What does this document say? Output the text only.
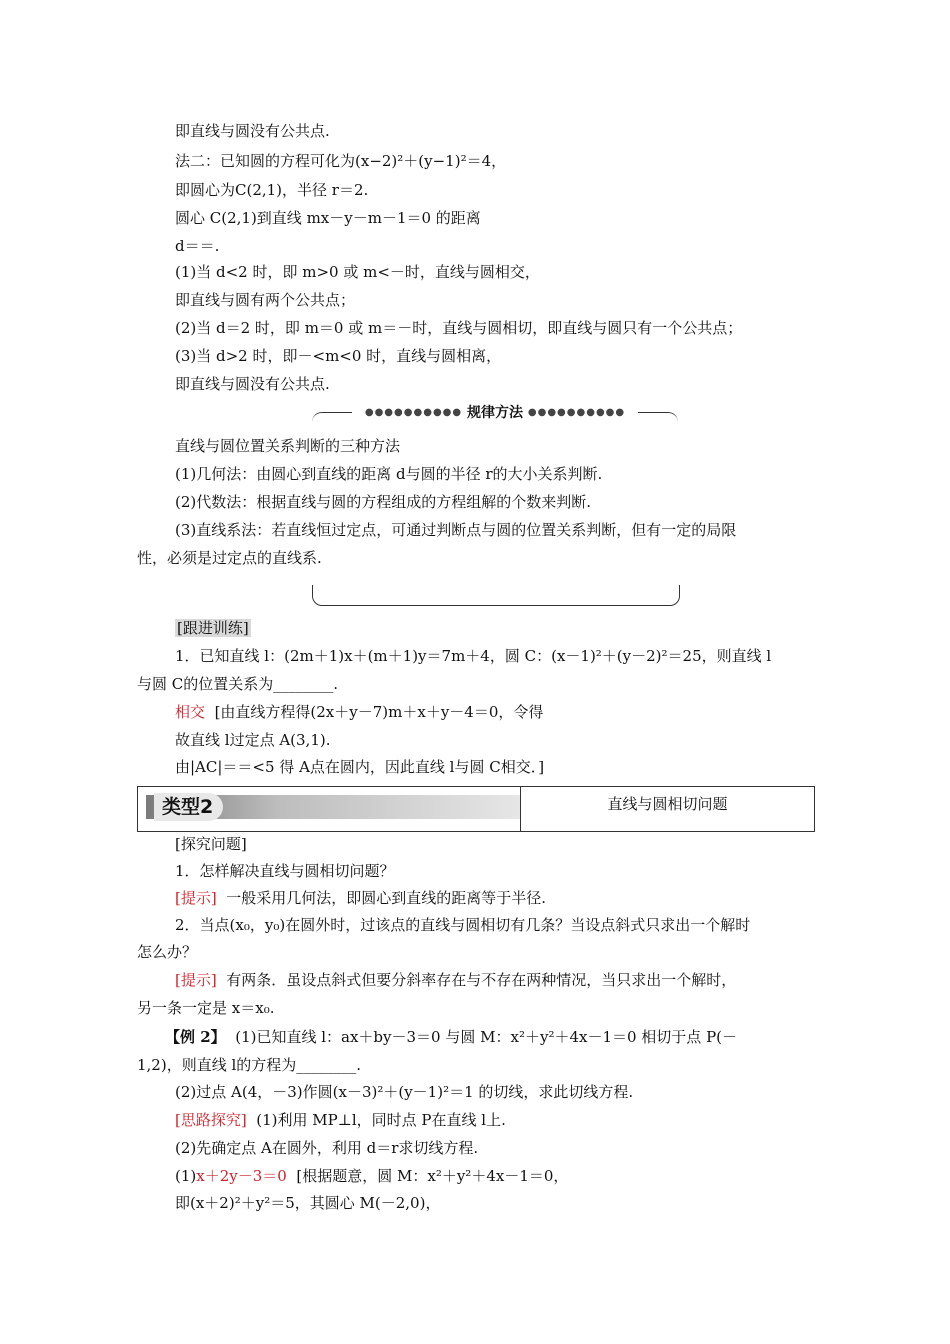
即直线与圆没有公共点.
法二：已知圆的方程可化为(x−2)²＋(y−1)²＝4，
即圆心为C(2,1)，半径 r＝2.
圆心 C(2,1)到直线 mx－y－m－1＝0 的距离
d＝＝.
(1)当 d<2 时，即 m>0 或 m<－时，直线与圆相交，
即直线与圆有两个公共点；
(2)当 d＝2 时，即 m＝0 或 m＝－时，直线与圆相切，即直线与圆只有一个公共点；
(3)当 d>2 时，即－<m<0 时，直线与圆相离，
即直线与圆没有公共点.
●●●●●●●●●● 规律方法 ●●●●●●●●●●
直线与圆位置关系判断的三种方法
(1)几何法：由圆心到直线的距离 d与圆的半径 r的大小关系判断.
(2)代数法：根据直线与圆的方程组成的方程组解的个数来判断.
(3)直线系法：若直线恒过定点，可通过判断点与圆的位置关系判断，但有一定的局限
性，必须是过定点的直线系.
[跟进训练]
1．已知直线 l：(2m＋1)x＋(m＋1)y＝7m＋4，圆 C：(x－1)²＋(y－2)²＝25，则直线 l
与圆 C的位置关系为________.
相交 [由直线方程得(2x＋y－7)m＋x＋y－4＝0，令得
故直线 l过定点 A(3,1).
由|AC|＝＝<5 得 A点在圆内，因此直线 l与圆 C相交．]
类型2	直线与圆相切问题
[探究问题]
1．怎样解决直线与圆相切问题？
[提示] 一般采用几何法，即圆心到直线的距离等于半径.
2．当点(x₀，y₀)在圆外时，过该点的直线与圆相切有几条？当设点斜式只求出一个解时
怎么办？
[提示] 有两条．虽设点斜式但要分斜率存在与不存在两种情况，当只求出一个解时，
另一条一定是 x＝x₀.
【例 2】 (1)已知直线 l：ax＋by－3＝0 与圆 M：x²＋y²＋4x－1＝0 相切于点 P(－
1,2)，则直线 l的方程为________.
(2)过点 A(4，－3)作圆(x－3)²＋(y－1)²＝1 的切线，求此切线方程.
[思路探究] (1)利用 MP⊥l，同时点 P在直线 l上.
(2)先确定点 A在圆外，利用 d＝r求切线方程.
(1)x＋2y－3＝0 [根据题意，圆 M：x²＋y²＋4x－1＝0，
即(x＋2)²＋y²＝5，其圆心 M(－2,0)，
